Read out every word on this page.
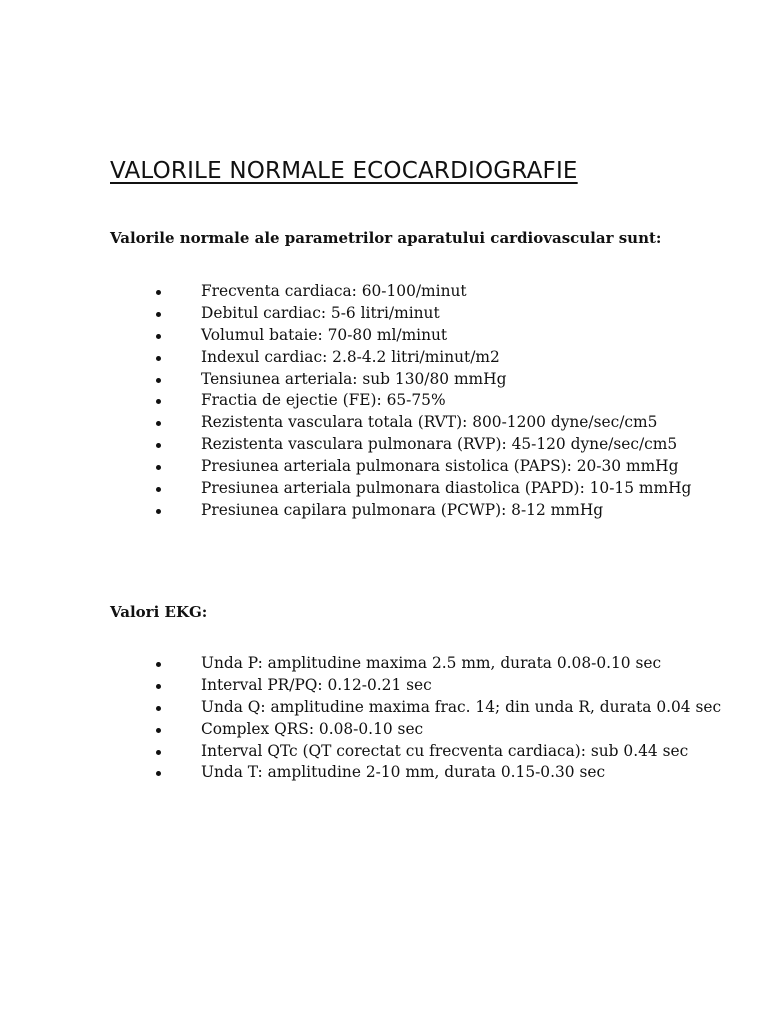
VALORILE NORMALE ECOCARDIOGRAFIE

Valorile normale ale parametrilor aparatului cardiovascular sunt:

Frecventa cardiaca: 60-100/minut
Debitul cardiac: 5-6 litri/minut
Volumul bataie: 70-80 ml/minut
Indexul cardiac: 2.8-4.2 litri/minut/m2
Tensiunea arteriala: sub 130/80 mmHg
Fractia de ejectie (FE): 65-75%
Rezistenta vasculara totala (RVT): 800-1200 dyne/sec/cm5
Rezistenta vasculara pulmonara (RVP): 45-120 dyne/sec/cm5
Presiunea arteriala pulmonara sistolica (PAPS): 20-30 mmHg
Presiunea arteriala pulmonara diastolica (PAPD): 10-15 mmHg
Presiunea capilara pulmonara (PCWP): 8-12 mmHg

Valori EKG:

Unda P: amplitudine maxima 2.5 mm, durata 0.08-0.10 sec
Interval PR/PQ: 0.12-0.21 sec
Unda Q: amplitudine maxima frac. 14; din unda R, durata 0.04 sec
Complex QRS: 0.08-0.10 sec
Interval QTc (QT corectat cu frecventa cardiaca): sub 0.44 sec
Unda T: amplitudine 2-10 mm, durata 0.15-0.30 sec
